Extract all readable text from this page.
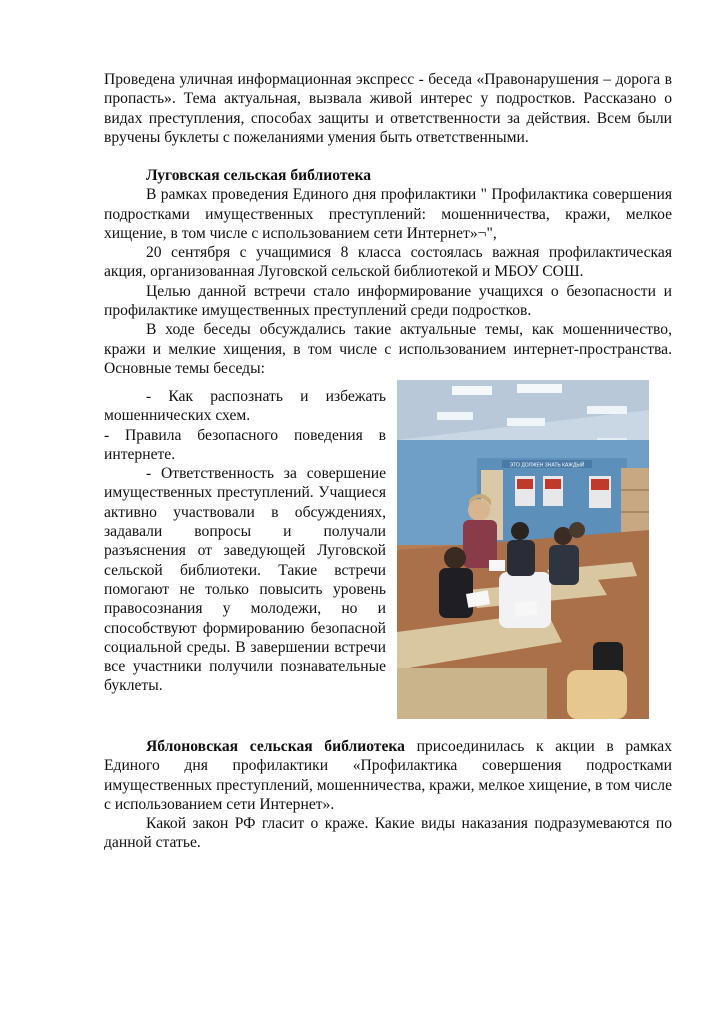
Проведена уличная информационная экспресс - беседа «Правонарушения – дорога в пропасть». Тема актуальная, вызвала живой интерес у подростков. Рассказано о видах преступления, способах защиты и ответственности за действия. Всем были вручены буклеты с пожеланиями умения быть ответственными.

Луговская сельская библиотека

В рамках проведения Единого дня профилактики " Профилактика совершения подростками имущественных преступлений: мошенничества, кражи, мелкое хищение, в том числе с использованием сети Интернет»¬",

20 сентября с учащимися 8 класса состоялась важная профилактическая акция, организованная Луговской сельской библиотекой и МБОУ СОШ.

Целью данной встречи стало информирование учащихся о безопасности и профилактике имущественных преступлений среди подростков.

В ходе беседы обсуждались такие актуальные темы, как мошенничество, кражи и мелкие хищения, в том числе с использованием интернет-пространства. Основные темы беседы:

- Как распознать и избежать мошеннических схем.

- Правила безопасного поведения в интернете.

- Ответственность за совершение имущественных преступлений. Учащиеся активно участвовали в обсуждениях, задавали вопросы и получали разъяснения от заведующей Луговской сельской библиотеки. Такие встречи помогают не только повысить уровень правосознания у молодежи, но и способствуют формированию безопасной социальной среды. В завершении встречи все участники получили познавательные буклеты.

ЭТО ДОЛЖЕН ЗНАТЬ КАЖДЫЙ

Яблоновская сельская библиотека присоединилась к акции в рамках Единого дня профилактики «Профилактика совершения подростками имущественных преступлений, мошенничества, кражи, мелкое хищение, в том числе с использованием сети Интернет».

Какой закон РФ гласит о краже. Какие виды наказания подразумеваются по данной статье.
